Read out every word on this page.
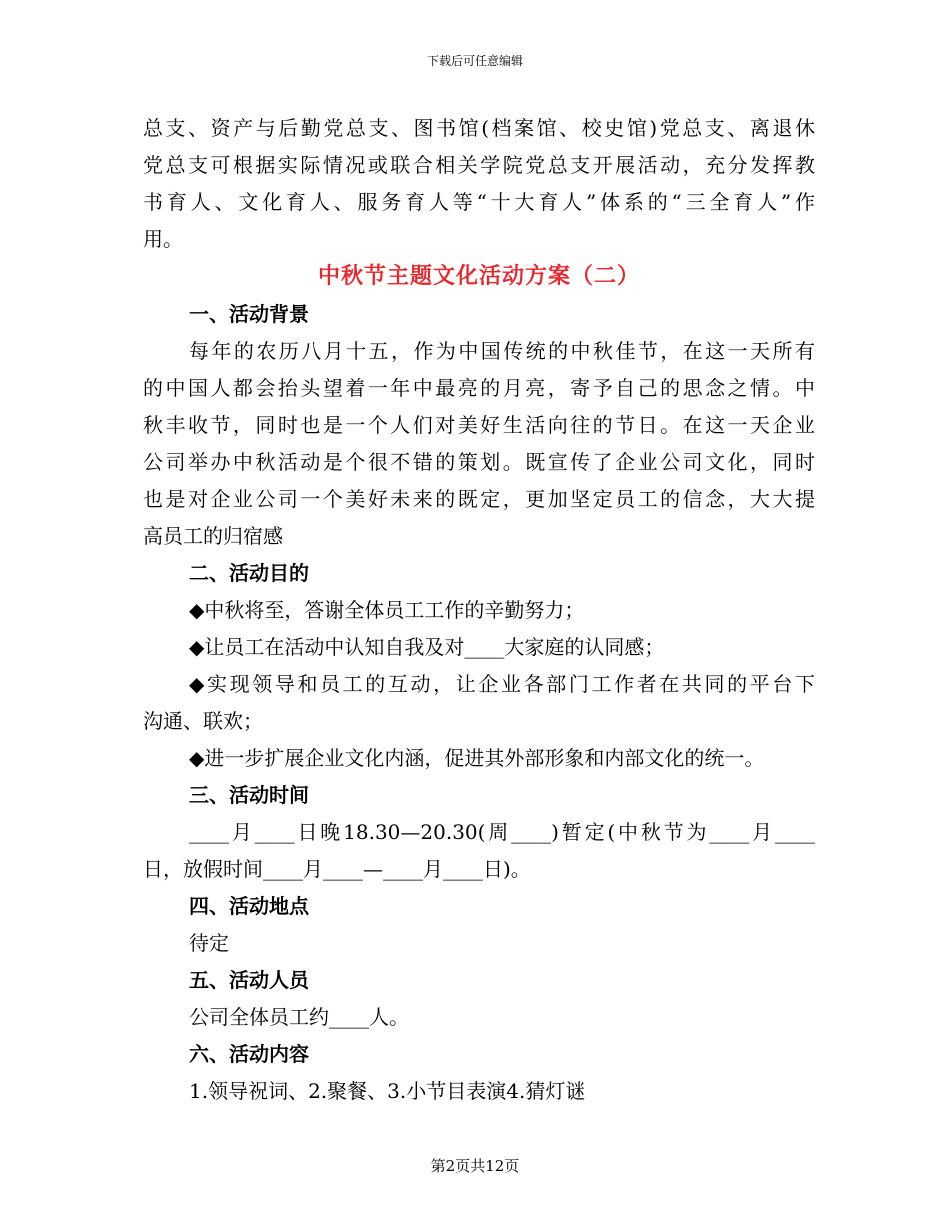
下载后可任意编辑
总支、资产与后勤党总支、图书馆(档案馆、校史馆)党总支、离退休
党总支可根据实际情况或联合相关学院党总支开展活动，充分发挥教
书育人、文化育人、服务育人等“十大育人”体系的“三全育人”作
用。
中秋节主题文化活动方案（二）
一、活动背景
每年的农历八月十五，作为中国传统的中秋佳节，在这一天所有
的中国人都会抬头望着一年中最亮的月亮，寄予自己的思念之情。中
秋丰收节，同时也是一个人们对美好生活向往的节日。在这一天企业
公司举办中秋活动是个很不错的策划。既宣传了企业公司文化，同时
也是对企业公司一个美好未来的既定，更加坚定员工的信念，大大提
高员工的归宿感
二、活动目的
◆中秋将至，答谢全体员工工作的辛勤努力；
◆让员工在活动中认知自我及对____大家庭的认同感；
◆实现领导和员工的互动，让企业各部门工作者在共同的平台下
沟通、联欢；
◆进一步扩展企业文化内涵，促进其外部形象和内部文化的统一。
三、活动时间
____月____日晚18.30—20.30(周____)暂定(中秋节为____月____
日，放假时间____月____—____月____日)。
四、活动地点
待定
五、活动人员
公司全体员工约____人。
六、活动内容
1.领导祝词、2.聚餐、3.小节目表演4.猜灯谜
第2页共12页
